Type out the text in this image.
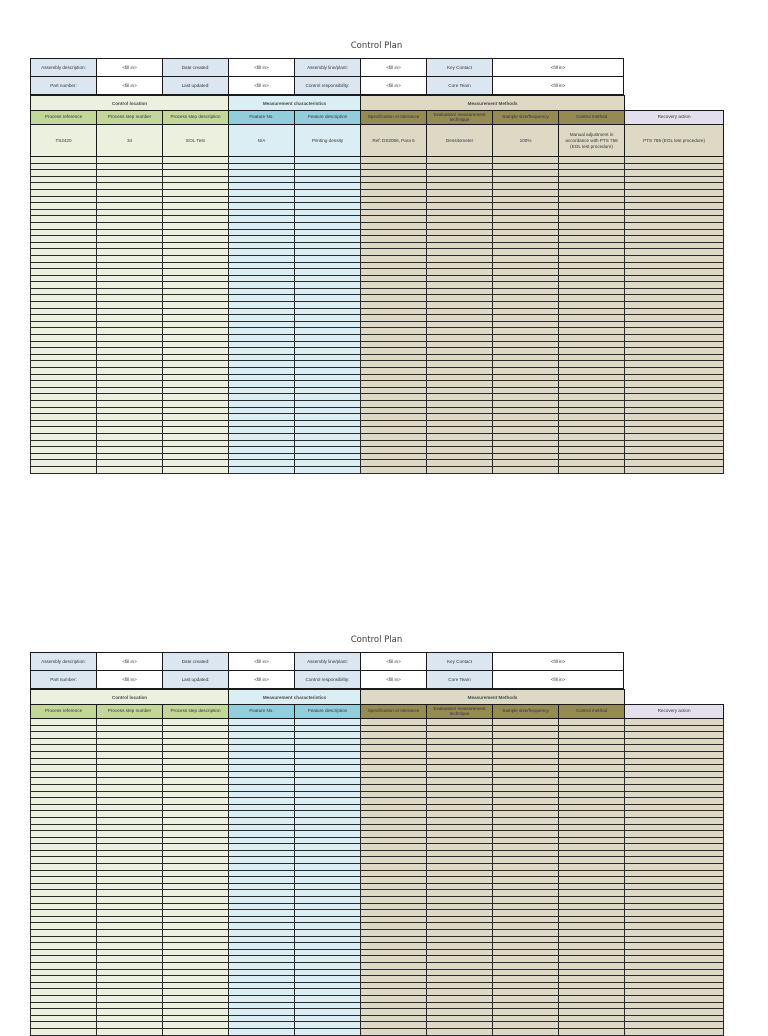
Control Plan
Assembly description:	<fill in>	Date created:	<fill in>	Assembly line/plant:	<fill in>	Key Contact	<fill in>
Part number:	<fill in>	Last updated:	<fill in>	Control responsibility:	<fill in>	Core Team	<fill in>
Control location			Measurement characteristics		Measurement Methods				
Process reference	Process step number	Process step description	Feature No.	Feature description	Specification or tolerance	Evaluation/ measurement technique	Sample size/frequency	Control method	Recovery action
TS2420	34	EOL Test	N/A	Printing density	Ref: DS2086, Para 5	Densitometer	100%	Manual adjustment in accordance with PTS 768 (EOL test procedure)	PTS 786 (EOL test procedure)

Control Plan
Assembly description:	<fill in>	Date created:	<fill in>	Assembly line/plant:	<fill in>	Key Contact	<fill in>
Part number:	<fill in>	Last updated:	<fill in>	Control responsibility:	<fill in>	Core Team	<fill in>
Control location			Measurement characteristics		Measurement Methods				
Process reference	Process step number	Process step description	Feature No.	Feature description	Specification or tolerance	Evaluation/ measurement technique	Sample size/frequency	Control method	Recovery action
